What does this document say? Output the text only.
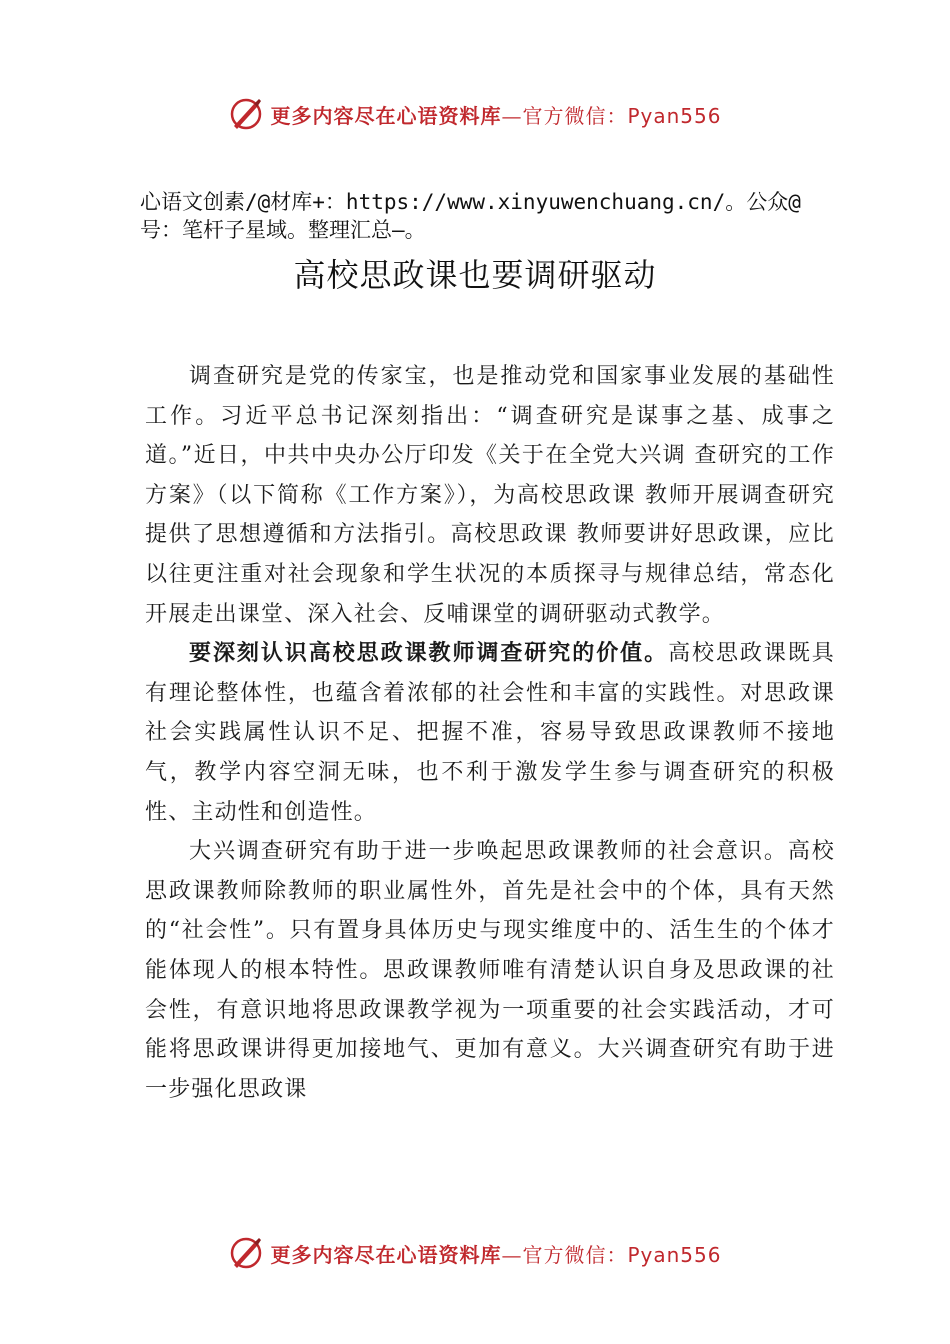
更多内容尽在心语资料库—官方微信：Pyan556
心语文创素/@材库+：https://www.xinyuwenchuang.cn/。公众@号：笔杆子星域。整理汇总—。
高校思政课也要调研驱动

调查研究是党的传家宝，也是推动党和国家事业发展的基础性工作。习近平总书记深刻指出：“调查研究是谋事之基、成事之道。”近日，中共中央办公厅印发《关于在全党大兴调 查研究的工作方案》（以下简称《工作方案》），为高校思政课 教师开展调查研究提供了思想遵循和方法指引。高校思政课 教师要讲好思政课，应比以往更注重对社会现象和学生状况的本质探寻与规律总结，常态化开展走出课堂、深入社会、反哺课堂的调研驱动式教学。

要深刻认识高校思政课教师调查研究的价值。高校思政课既具有理论整体性，也蕴含着浓郁的社会性和丰富的实践性。对思政课社会实践属性认识不足、把握不准，容易导致思政课教师不接地气，教学内容空洞无味，也不利于激发学生参与调查研究的积极性、主动性和创造性。

大兴调查研究有助于进一步唤起思政课教师的社会意识。高校思政课教师除教师的职业属性外，首先是社会中的个体，具有天然的“社会性”。只有置身具体历史与现实维度中的、活生生的个体才能体现人的根本特性。思政课教师唯有清楚认识自身及思政课的社会性，有意识地将思政课教学视为一项重要的社会实践活动，才可能将思政课讲得更加接地气、更加有意义。大兴调查研究有助于进一步强化思政课

更多内容尽在心语资料库—官方微信：Pyan556
